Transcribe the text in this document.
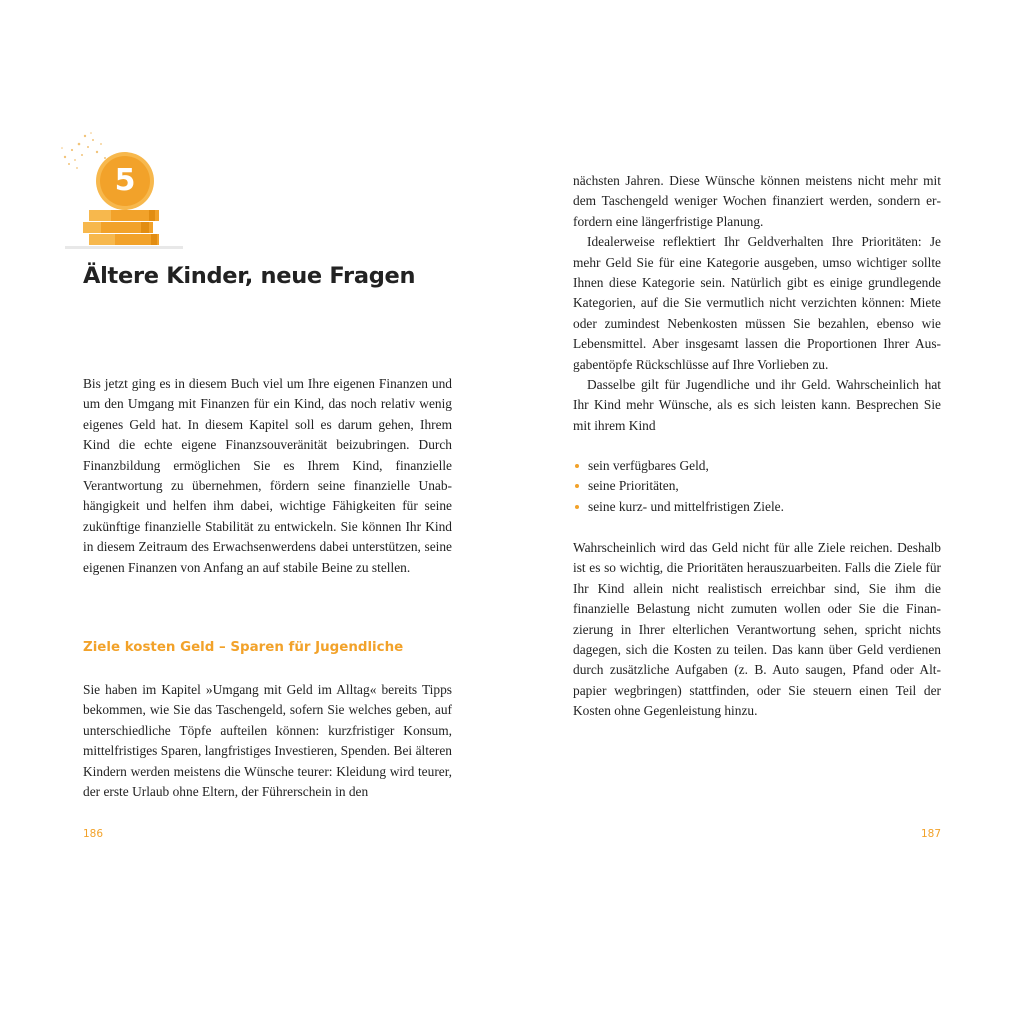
5
Ältere Kinder, neue Fragen

Bis jetzt ging es in diesem Buch viel um Ihre eigenen Finanzen und um den Umgang mit Finanzen für ein Kind, das noch relativ wenig eigenes Geld hat. In diesem Kapitel soll es darum gehen, Ihrem Kind die echte eigene Finanzsouveränität beizubringen. Durch Finanzbildung ermöglichen Sie es Ihrem Kind, finanzielle Verantwortung zu übernehmen, fördern seine finanzielle Unabhängigkeit und helfen ihm dabei, wichtige Fähigkeiten für seine zukünftige finanzielle Stabilität zu entwickeln. Sie können Ihr Kind in diesem Zeitraum des Erwachsenwerdens dabei unterstützen, seine eigenen Finanzen von Anfang an auf stabile Beine zu stellen.

Ziele kosten Geld – Sparen für Jugendliche

Sie haben im Kapitel »Umgang mit Geld im Alltag« bereits Tipps bekommen, wie Sie das Taschengeld, sofern Sie welches geben, auf unterschiedliche Töpfe aufteilen können: kurzfristiger Konsum, mittelfristiges Sparen, langfristiges Investieren, Spenden. Bei älteren Kindern werden meistens die Wünsche teurer: Kleidung wird teurer, der erste Urlaub ohne Eltern, der Führerschein in den

186

nächsten Jahren. Diese Wünsche können meistens nicht mehr mit dem Taschengeld weniger Wochen finanziert werden, sondern erfordern eine längerfristige Planung.

Idealerweise reflektiert Ihr Geldverhalten Ihre Prioritäten: Je mehr Geld Sie für eine Kategorie ausgeben, umso wichtiger sollte Ihnen diese Kategorie sein. Natürlich gibt es einige grundlegende Kategorien, auf die Sie vermutlich nicht verzichten können: Miete oder zumindest Nebenkosten müssen Sie bezahlen, ebenso wie Lebensmittel. Aber insgesamt lassen die Proportionen Ihrer Ausgabentöpfe Rückschlüsse auf Ihre Vorlieben zu.

Dasselbe gilt für Jugendliche und ihr Geld. Wahrscheinlich hat Ihr Kind mehr Wünsche, als es sich leisten kann. Besprechen Sie mit ihrem Kind

sein verfügbares Geld,
seine Prioritäten,
seine kurz- und mittelfristigen Ziele.

Wahrscheinlich wird das Geld nicht für alle Ziele reichen. Deshalb ist es so wichtig, die Prioritäten herauszuarbeiten. Falls die Ziele für Ihr Kind allein nicht realistisch erreichbar sind, Sie ihm die finanzielle Belastung nicht zumuten wollen oder Sie die Finanzierung in Ihrer elterlichen Verantwortung sehen, spricht nichts dagegen, sich die Kosten zu teilen. Das kann über Geld verdienen durch zusätzliche Aufgaben (z. B. Auto saugen, Pfand oder Altpapier wegbringen) stattfinden, oder Sie steuern einen Teil der Kosten ohne Gegenleistung hinzu.

187
